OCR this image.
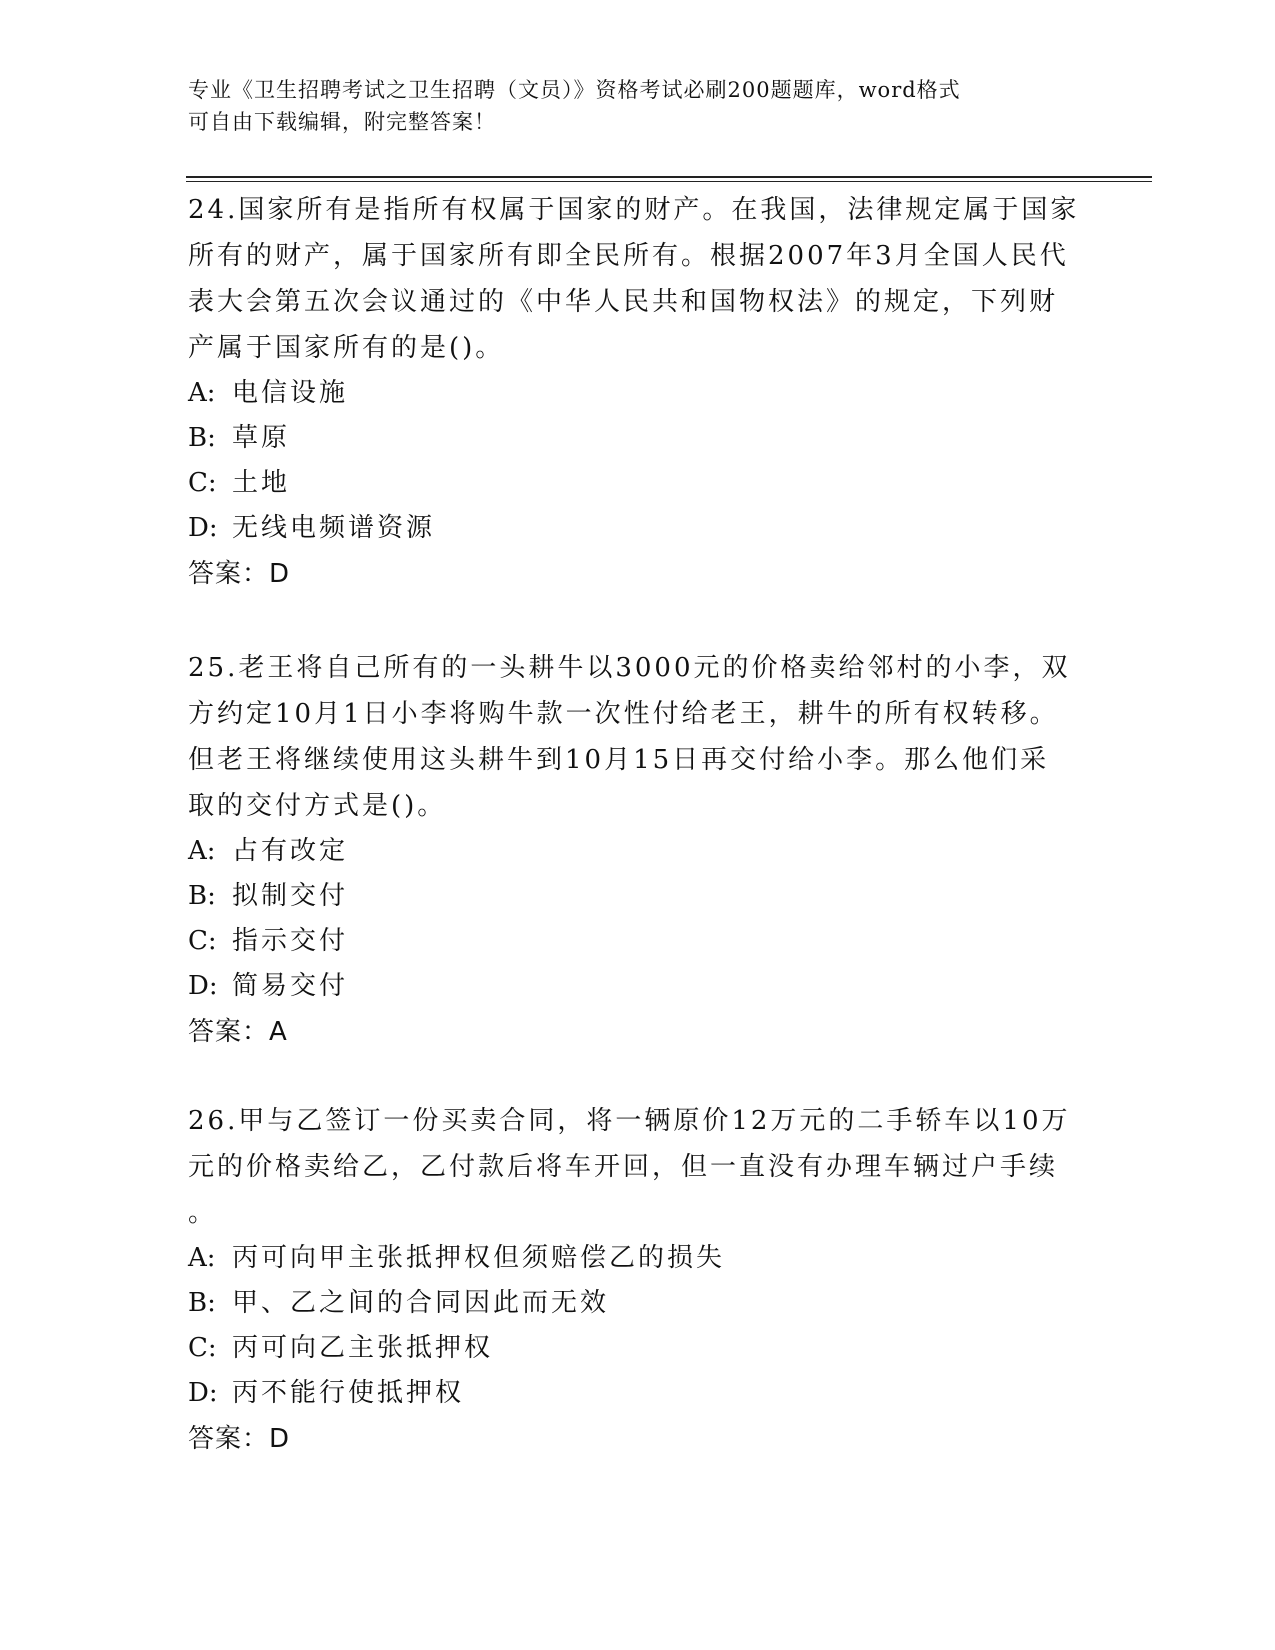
专业《卫生招聘考试之卫生招聘（文员）》资格考试必刷200题题库，word格式
可自由下载编辑，附完整答案！
24.国家所有是指所有权属于国家的财产。在我国，法律规定属于国家
所有的财产，属于国家所有即全民所有。根据2007年3月全国人民代
表大会第五次会议通过的《中华人民共和国物权法》的规定，下列财
产属于国家所有的是()。
A: 电信设施
B: 草原
C: 土地
D: 无线电频谱资源
答案：D
25.老王将自己所有的一头耕牛以3000元的价格卖给邻村的小李，双
方约定10月1日小李将购牛款一次性付给老王，耕牛的所有权转移。
但老王将继续使用这头耕牛到10月15日再交付给小李。那么他们采
取的交付方式是()。
A: 占有改定
B: 拟制交付
C: 指示交付
D: 简易交付
答案：A
26.甲与乙签订一份买卖合同，将一辆原价12万元的二手轿车以10万
元的价格卖给乙，乙付款后将车开回，但一直没有办理车辆过户手续
。
A: 丙可向甲主张抵押权但须赔偿乙的损失
B: 甲、乙之间的合同因此而无效
C: 丙可向乙主张抵押权
D: 丙不能行使抵押权
答案：D
